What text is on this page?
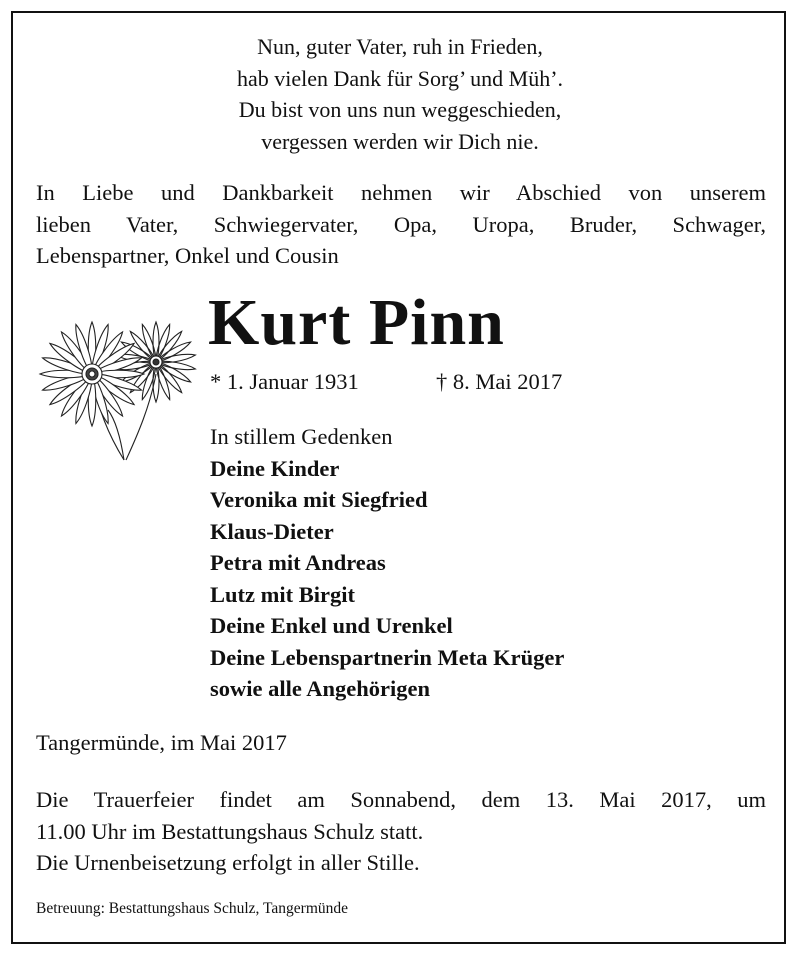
Nun, guter Vater, ruh in Frieden,
hab vielen Dank für Sorg’ und Müh’.
Du bist von uns nun weggeschieden,
vergessen werden wir Dich nie.
In Liebe und Dankbarkeit nehmen wir Abschied von unserem
lieben Vater, Schwiegervater, Opa, Uropa, Bruder, Schwager,
Lebenspartner, Onkel und Cousin
Kurt Pinn
* 1. Januar 1931	† 8. Mai 2017
In stillem Gedenken
Deine Kinder
Veronika mit Siegfried
Klaus-Dieter
Petra mit Andreas
Lutz mit Birgit
Deine Enkel und Urenkel
Deine Lebenspartnerin Meta Krüger
sowie alle Angehörigen
Tangermünde, im Mai 2017
Die Trauerfeier findet am Sonnabend, dem 13. Mai 2017, um
11.00 Uhr im Bestattungshaus Schulz statt.
Die Urnenbeisetzung erfolgt in aller Stille.
Betreuung: Bestattungshaus Schulz, Tangermünde
